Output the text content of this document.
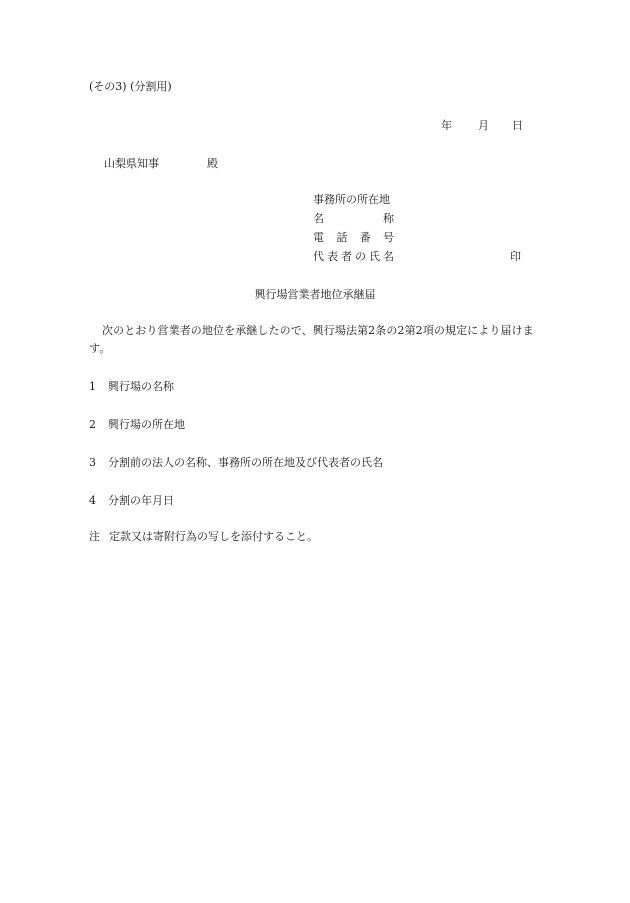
(その3) (分割用)
年 月 日
山梨県知事	殿
事務所の所在地
名	称
電 話 番 号
代 表 者 の 氏 名	印
興行場営業者地位承継届
次のとおり営業者の地位を承継したので、興行場法第2条の2第2項の規定により届けます。
1 興行場の名称
2 興行場の所在地
3 分割前の法人の名称、事務所の所在地及び代表者の氏名
4 分割の年月日
注 定款又は寄附行為の写しを添付すること。
